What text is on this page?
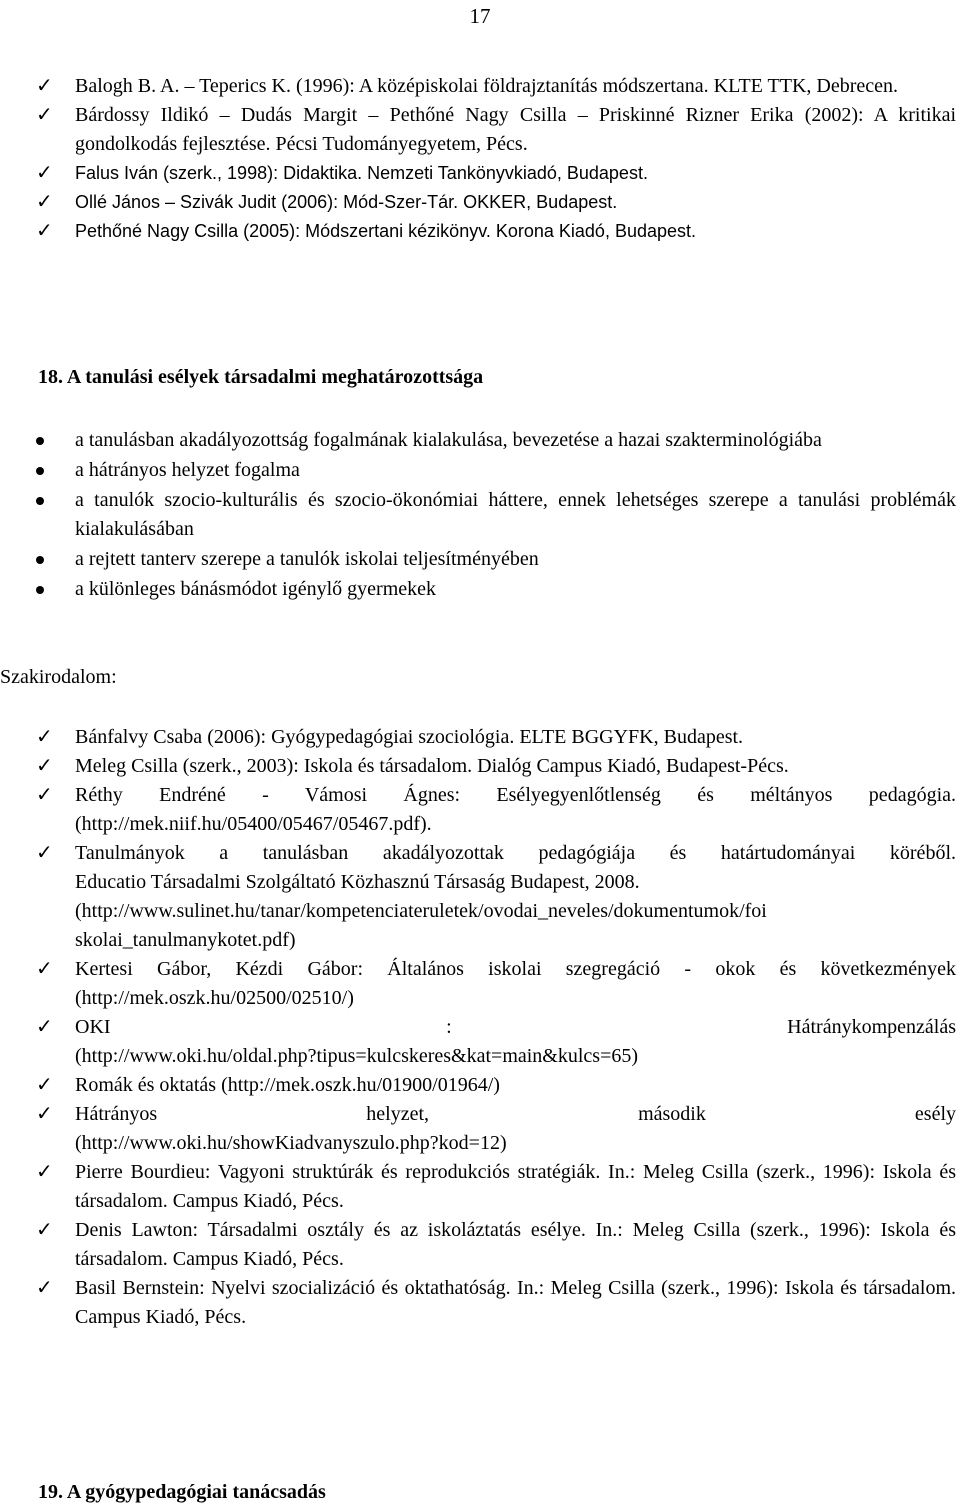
17
✓ Balogh B. A. – Teperics K. (1996): A középiskolai földrajztanítás módszertana. KLTE TTK, Debrecen.
✓ Bárdossy Ildikó – Dudás Margit – Pethőné Nagy Csilla – Priskinné Rizner Erika (2002): A kritikai gondolkodás fejlesztése. Pécsi Tudományegyetem, Pécs.
✓ Falus Iván (szerk., 1998): Didaktika. Nemzeti Tankönyvkiadó, Budapest.
✓ Ollé János – Szivák Judit (2006): Mód-Szer-Tár. OKKER, Budapest.
✓ Pethőné Nagy Csilla (2005): Módszertani kézikönyv. Korona Kiadó, Budapest.
18. A tanulási esélyek társadalmi meghatározottsága
a tanulásban akadályozottság fogalmának kialakulása, bevezetése a hazai szakterminológiába
a hátrányos helyzet fogalma
a tanulók szocio-kulturális és szocio-ökonómiai háttere, ennek lehetséges szerepe a tanulási problémák kialakulásában
a rejtett tanterv szerepe a tanulók iskolai teljesítményében
a különleges bánásmódot igénylő gyermekek
Szakirodalom:
✓ Bánfalvy Csaba (2006): Gyógypedagógiai szociológia. ELTE BGGYFK, Budapest.
✓ Meleg Csilla (szerk., 2003): Iskola és társadalom. Dialóg Campus Kiadó, Budapest-Pécs.
✓ Réthy Endréné - Vámosi Ágnes: Esélyegyenlőtlenség és méltányos pedagógia. (http://mek.niif.hu/05400/05467/05467.pdf).
✓ Tanulmányok a tanulásban akadályozottak pedagógiája és határtudományai köréből.
Educatio Társadalmi Szolgáltató Közhasznú Társaság Budapest, 2008.
(http://www.sulinet.hu/tanar/kompetenciateruletek/ovodai_neveles/dokumentumok/foi skolai_tanulmanykotet.pdf)
✓ Kertesi Gábor, Kézdi Gábor: Általános iskolai szegregáció - okok és következmények
(http://mek.oszk.hu/02500/02510/)
✓ OKI : Hátránykompenzálás
(http://www.oki.hu/oldal.php?tipus=kulcskeres&kat=main&kulcs=65)
✓ Romák és oktatás (http://mek.oszk.hu/01900/01964/)
✓ Hátrányos helyzet, második esély
(http://www.oki.hu/showKiadvanyszulo.php?kod=12)
✓ Pierre Bourdieu: Vagyoni struktúrák és reprodukciós stratégiák. In.: Meleg Csilla (szerk., 1996): Iskola és társadalom. Campus Kiadó, Pécs.
✓ Denis Lawton: Társadalmi osztály és az iskoláztatás esélye. In.: Meleg Csilla (szerk., 1996): Iskola és társadalom. Campus Kiadó, Pécs.
✓ Basil Bernstein: Nyelvi szocializáció és oktathatóság. In.: Meleg Csilla (szerk., 1996): Iskola és társadalom. Campus Kiadó, Pécs.
19. A gyógypedagógiai tanácsadás
